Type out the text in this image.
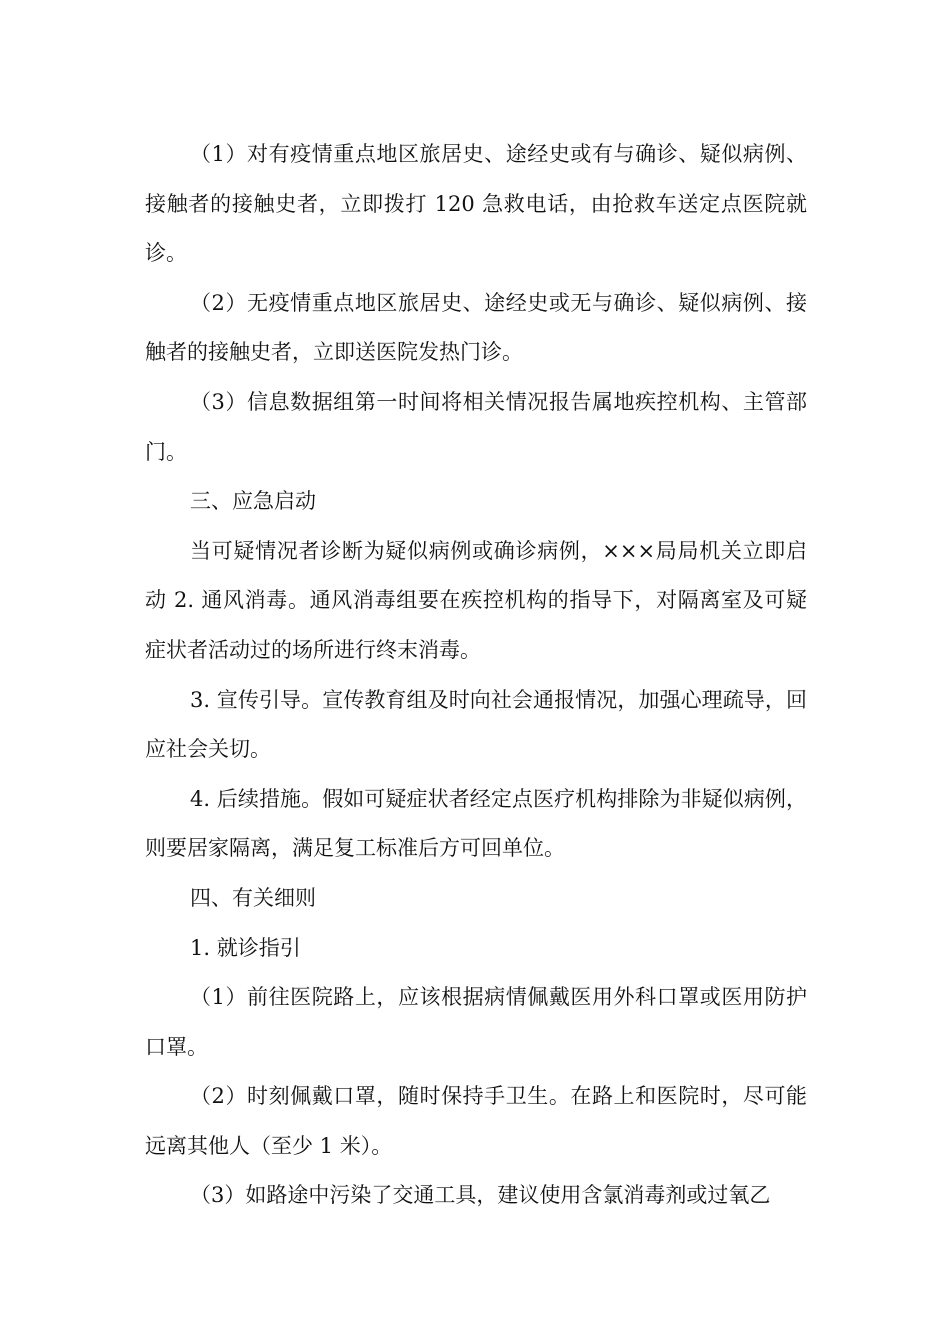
（1）对有疫情重点地区旅居史、途经史或有与确诊、疑似病例、接触者的接触史者，立即拨打 120 急救电话，由抢救车送定点医院就诊。

（2）无疫情重点地区旅居史、途经史或无与确诊、疑似病例、接触者的接触史者，立即送医院发热门诊。

（3）信息数据组第一时间将相关情况报告属地疾控机构、主管部门。

三、应急启动

当可疑情况者诊断为疑似病例或确诊病例，×××局局机关立即启动 2. 通风消毒。通风消毒组要在疾控机构的指导下，对隔离室及可疑症状者活动过的场所进行终末消毒。

3. 宣传引导。宣传教育组及时向社会通报情况，加强心理疏导，回应社会关切。

4. 后续措施。假如可疑症状者经定点医疗机构排除为非疑似病例，则要居家隔离，满足复工标准后方可回单位。

四、有关细则

1. 就诊指引

（1）前往医院路上，应该根据病情佩戴医用外科口罩或医用防护口罩。

（2）时刻佩戴口罩，随时保持手卫生。在路上和医院时，尽可能远离其他人（至少 1 米）。

（3）如路途中污染了交通工具，建议使用含氯消毒剂或过氧乙
